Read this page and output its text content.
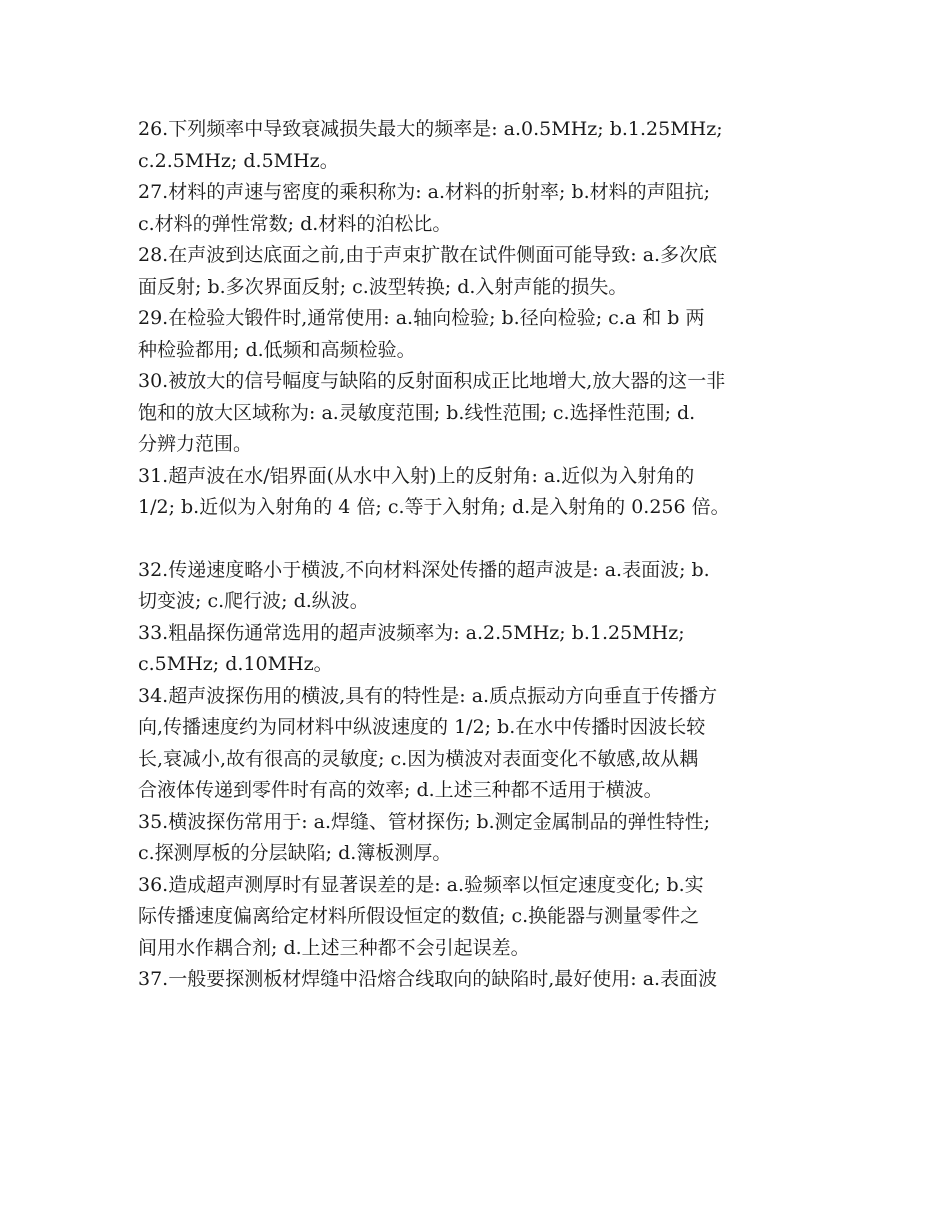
26.下列频率中导致衰减损失最大的频率是: a.0.5MHz; b.1.25MHz;
c.2.5MHz; d.5MHz。

27.材料的声速与密度的乘积称为: a.材料的折射率; b.材料的声阻抗;
c.材料的弹性常数; d.材料的泊松比。

28.在声波到达底面之前,由于声束扩散在试件侧面可能导致: a.多次底
面反射; b.多次界面反射; c.波型转换; d.入射声能的损失。

29.在检验大锻件时,通常使用: a.轴向检验; b.径向检验; c.a 和 b 两
种检验都用; d.低频和高频检验。

30.被放大的信号幅度与缺陷的反射面积成正比地增大,放大器的这一非
饱和的放大区域称为: a.灵敏度范围; b.线性范围; c.选择性范围; d.
分辨力范围。

31.超声波在水/铝界面(从水中入射)上的反射角: a.近似为入射角的
1/2; b.近似为入射角的 4 倍; c.等于入射角; d.是入射角的 0.256 倍。

32.传递速度略小于横波,不向材料深处传播的超声波是: a.表面波; b.
切变波; c.爬行波; d.纵波。

33.粗晶探伤通常选用的超声波频率为: a.2.5MHz; b.1.25MHz;
c.5MHz; d.10MHz。

34.超声波探伤用的横波,具有的特性是: a.质点振动方向垂直于传播方
向,传播速度约为同材料中纵波速度的 1/2; b.在水中传播时因波长较
长,衰减小,故有很高的灵敏度; c.因为横波对表面变化不敏感,故从耦
合液体传递到零件时有高的效率; d.上述三种都不适用于横波。

35.横波探伤常用于: a.焊缝、管材探伤; b.测定金属制品的弹性特性;
c.探测厚板的分层缺陷; d.簿板测厚。

36.造成超声测厚时有显著误差的是: a.验频率以恒定速度变化; b.实
际传播速度偏离给定材料所假设恒定的数值; c.换能器与测量零件之
间用水作耦合剂; d.上述三种都不会引起误差。

37.一般要探测板材焊缝中沿熔合线取向的缺陷时,最好使用: a.表面波
